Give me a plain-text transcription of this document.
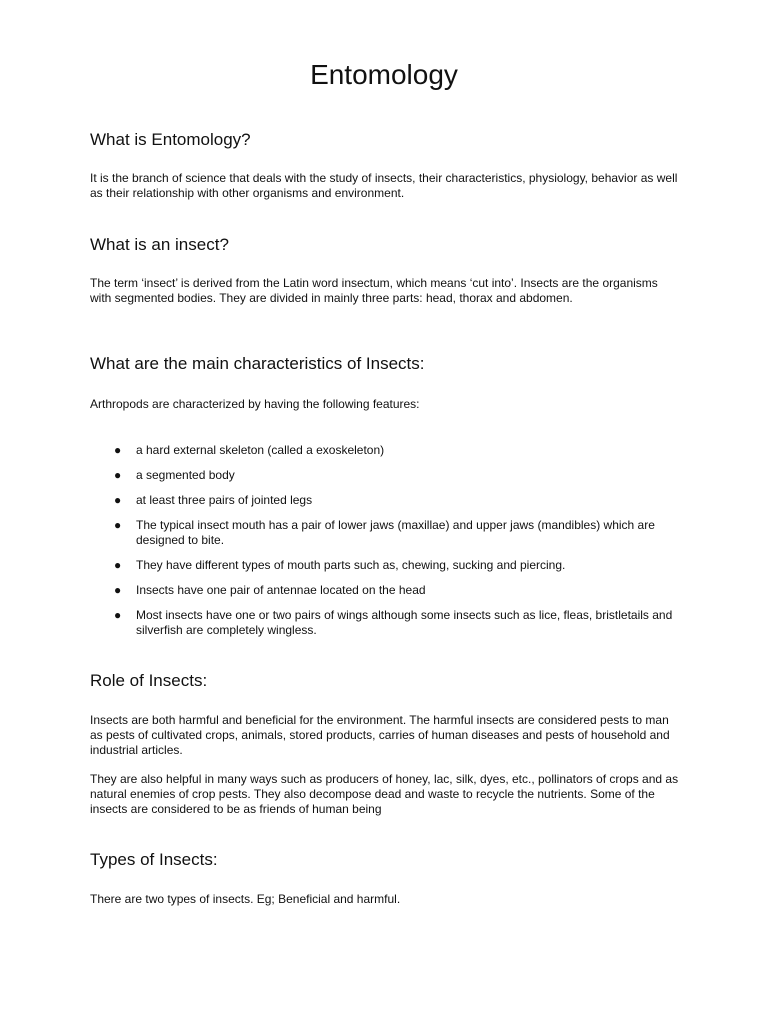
Entomology
What is Entomology?

It is the branch of science that deals with the study of insects, their characteristics, physiology, behavior as well as their relationship with other organisms and environment.

What is an insect?

The term ‘insect’ is derived from the Latin word insectum, which means ‘cut into’. Insects are the organisms with segmented bodies. They are divided in mainly three parts: head, thorax and abdomen.

What are the main characteristics of Insects:

Arthropods are characterized by having the following features:

● a hard external skeleton (called a exoskeleton)
● a segmented body
● at least three pairs of jointed legs
● The typical insect mouth has a pair of lower jaws (maxillae) and upper jaws (mandibles) which are designed to bite.
● They have different types of mouth parts such as, chewing, sucking and piercing.
● Insects have one pair of antennae located on the head
● Most insects have one or two pairs of wings although some insects such as lice, fleas, bristletails and silverfish are completely wingless.
Role of Insects:

Insects are both harmful and beneficial for the environment. The harmful insects are considered pests to man as pests of cultivated crops, animals, stored products, carries of human diseases and pests of household and industrial articles.

They are also helpful in many ways such as producers of honey, lac, silk, dyes, etc., pollinators of crops and as natural enemies of crop pests. They also decompose dead and waste to recycle the nutrients. Some of the insects are considered to be as friends of human being

Types of Insects:

There are two types of insects. Eg; Beneficial and harmful.
